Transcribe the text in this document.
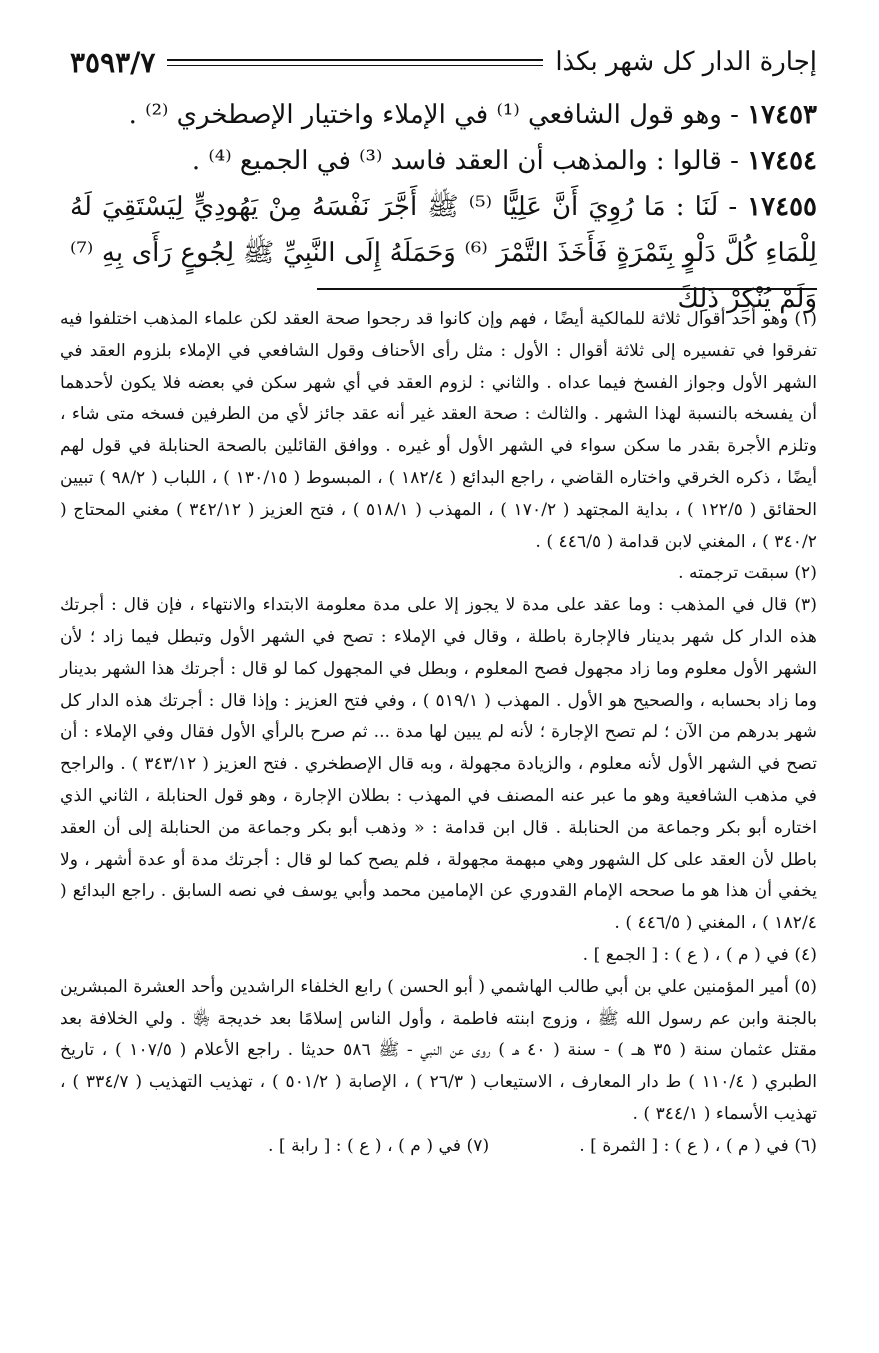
إجارة الدار كل شهر بكذا
٣٥٩٣/٧

١٧٤٥٣ - وهو قول الشافعي ⁽¹⁾ في الإملاء واختيار الإصطخري ⁽²⁾ .

١٧٤٥٤ - قالوا : والمذهب أن العقد فاسد ⁽³⁾ في الجميع ⁽⁴⁾ .

١٧٤٥٥ - لَنَا : مَا رُوِيَ أَنَّ عَلِيًّا ⁽⁵⁾ ﷺ أَجَّرَ نَفْسَهُ مِنْ يَهُودِيٍّ لِيَسْتَقِيَ لَهُ لِلْمَاءِ كُلَّ دَلْوٍ بِتَمْرَةٍ فَأَخَذَ التَّمْرَ ⁽⁶⁾ وَحَمَلَهُ إِلَى النَّبِيِّ ﷺ لِجُوعٍ رَأَى بِهِ ⁽⁷⁾ وَلَمْ يُنْكِرْ ذَلِكَ

(١) وهو أحد أقوال ثلاثة للمالكية أيضًا ، فهم وإن كانوا قد رجحوا صحة العقد لكن علماء المذهب اختلفوا فيه تفرقوا في تفسيره إلى ثلاثة أقوال : الأول : مثل رأى الأحناف وقول الشافعي في الإملاء بلزوم العقد في الشهر الأول وجواز الفسخ فيما عداه . والثاني : لزوم العقد في أي شهر سكن في بعضه فلا يكون لأحدهما أن يفسخه بالنسبة لهذا الشهر . والثالث : صحة العقد غير أنه عقد جائز لأي من الطرفين فسخه متى شاء ، وتلزم الأجرة بقدر ما سكن سواء في الشهر الأول أو غيره . ووافق القائلين بالصحة الحنابلة في قول لهم أيضًا ، ذكره الخرقي واختاره القاضي ، راجع البدائع ( ١٨٢/٤ ) ، المبسوط ( ١٣٠/١٥ ) ، اللباب ( ٩٨/٢ ) تبيين الحقائق ( ١٢٢/٥ ) ، بداية المجتهد ( ١٧٠/٢ ) ، المهذب ( ٥١٨/١ ) ، فتح العزيز ( ٣٤٢/١٢ ) مغني المحتاج ( ٣٤٠/٢ ) ، المغني لابن قدامة ( ٤٤٦/٥ ) .

(٢) سبقت ترجمته .

(٣) قال في المذهب : وما عقد على مدة لا يجوز إلا على مدة معلومة الابتداء والانتهاء ، فإن قال : أجرتك هذه الدار كل شهر بدينار فالإجارة باطلة ، وقال في الإملاء : تصح في الشهر الأول وتبطل فيما زاد ؛ لأن الشهر الأول معلوم وما زاد مجهول فصح المعلوم ، وبطل في المجهول كما لو قال : أجرتك هذا الشهر بدينار وما زاد بحسابه ، والصحيح هو الأول . المهذب ( ٥١٩/١ ) ، وفي فتح العزيز : وإذا قال : أجرتك هذه الدار كل شهر بدرهم من الآن ؛ لم تصح الإجارة ؛ لأنه لم يبين لها مدة ... ثم صرح بالرأي الأول فقال وفي الإملاء : أن تصح في الشهر الأول لأنه معلوم ، والزيادة مجهولة ، وبه قال الإصطخري . فتح العزيز ( ٣٤٣/١٢ ) . والراجح في مذهب الشافعية وهو ما عبر عنه المصنف في المهذب : بطلان الإجارة ، وهو قول الحنابلة ، الثاني الذي اختاره أبو بكر وجماعة من الحنابلة . قال ابن قدامة : « وذهب أبو بكر وجماعة من الحنابلة إلى أن العقد باطل لأن العقد على كل الشهور وهي مبهمة مجهولة ، فلم يصح كما لو قال : أجرتك مدة أو عدة أشهر ، ولا يخفي أن هذا هو ما صححه الإمام القدوري عن الإمامين محمد وأبي يوسف في نصه السابق . راجع البدائع ( ١٨٢/٤ ) ، المغني ( ٤٤٦/٥ ) .

(٤) في ( م ) ، ( ع ) : [ الجمع ] .

(٥) أمير المؤمنين علي بن أبي طالب الهاشمي ( أبو الحسن ) رابع الخلفاء الراشدين وأحد العشرة المبشرين بالجنة وابن عم رسول الله ﷺ ، وزوج ابنته فاطمة ، وأول الناس إسلامًا بعد خديجة ﵂ . ولي الخلافة بعد مقتل عثمان سنة ( ٣٥ هـ ) - سنة ( ٤٠ هـ ) روى عن النبي - ﷺ ٥٨٦ حديثا . راجع الأعلام ( ١٠٧/٥ ) ، تاريخ الطبري ( ١١٠/٤ ) ط دار المعارف ، الاستيعاب ( ٢٦/٣ ) ، الإصابة ( ٥٠١/٢ ) ، تهذيب التهذيب ( ٣٣٤/٧ ) ، تهذيب الأسماء ( ٣٤٤/١ ) .

(٦) في ( م ) ، ( ع ) : [ الثمرة ] .
(٧) في ( م ) ، ( ع ) : [ رابة ] .
